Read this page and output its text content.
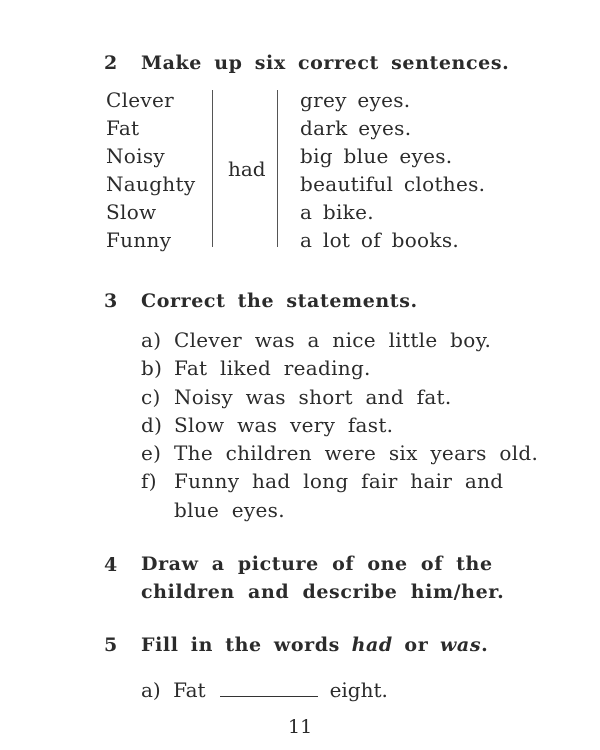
2 Make up six correct sentences.
Clever
Fat
Noisy
Naughty
Slow
Funny
had
grey eyes.
dark eyes.
big blue eyes.
beautiful clothes.
a bike.
a lot of books.
3 Correct the statements.
a) Clever was a nice little boy.
b) Fat liked reading.
c) Noisy was short and fat.
d) Slow was very fast.
e) The children were six years old.
f) Funny had long fair hair and
blue eyes.
4 Draw a picture of one of the
children and describe him/her.
5 Fill in the words had or was.
a) Fat	eight.
11
